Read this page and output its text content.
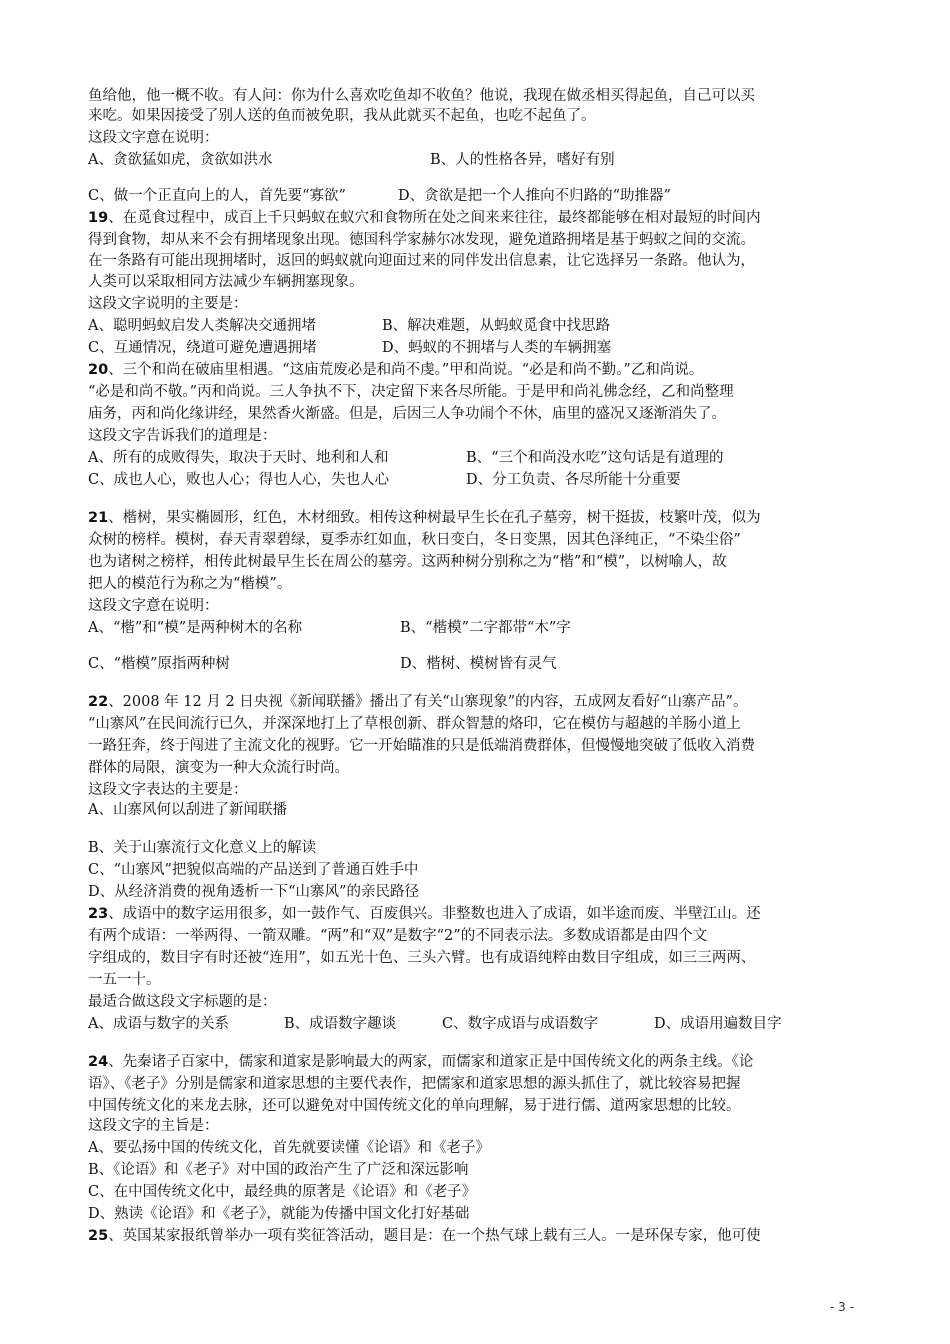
鱼给他，他一概不收。有人问：你为什么喜欢吃鱼却不收鱼？他说，我现在做丞相买得起鱼，自己可以买
来吃。如果因接受了别人送的鱼而被免职，我从此就买不起鱼，也吃不起鱼了。
这段文字意在说明：
A、贪欲猛如虎，贪欲如洪水	B、人的性格各异，嗜好有别
C、做一个正直向上的人，首先要“寡欲”	D、贪欲是把一个人推向不归路的“助推器”
19、在觅食过程中，成百上千只蚂蚁在蚁穴和食物所在处之间来来往往，最终都能够在相对最短的时间内
得到食物，却从来不会有拥堵现象出现。德国科学家赫尔冰发现，避免道路拥堵是基于蚂蚁之间的交流。
在一条路有可能出现拥堵时，返回的蚂蚁就向迎面过来的同伴发出信息素，让它选择另一条路。他认为，
人类可以采取相同方法减少车辆拥塞现象。
这段文字说明的主要是：
A、聪明蚂蚁启发人类解决交通拥堵	B、解决难题，从蚂蚁觅食中找思路
C、互通情况，绕道可避免遭遇拥堵	D、蚂蚁的不拥堵与人类的车辆拥塞
20、三个和尚在破庙里相遇。“这庙荒废必是和尚不虔。”甲和尚说。“必是和尚不勤。”乙和尚说。
“必是和尚不敬。”丙和尚说。三人争执不下，决定留下来各尽所能。于是甲和尚礼佛念经，乙和尚整理
庙务，丙和尚化缘讲经，果然香火渐盛。但是，后因三人争功闹个不休，庙里的盛况又逐渐消失了。
这段文字告诉我们的道理是：
A、所有的成败得失，取决于天时、地利和人和	B、“三个和尚没水吃”这句话是有道理的
C、成也人心，败也人心；得也人心，失也人心	D、分工负责、各尽所能十分重要
21、楷树，果实椭圆形，红色，木材细致。相传这种树最早生长在孔子墓旁，树干挺拔，枝繁叶茂，似为
众树的榜样。模树，春天青翠碧绿，夏季赤红如血，秋日变白，冬日变黑，因其色泽纯正，“不染尘俗”
也为诸树之榜样，相传此树最早生长在周公的墓旁。这两种树分别称之为“楷”和“模”，以树喻人，故
把人的模范行为称之为“楷模”。
这段文字意在说明：
A、“楷”和“模”是两种树木的名称	B、“楷模”二字都带“木”字
C、“楷模”原指两种树	D、楷树、模树皆有灵气
22、2008 年 12 月 2 日央视《新闻联播》播出了有关“山寨现象”的内容，五成网友看好“山寨产品”。
“山寨风”在民间流行已久，并深深地打上了草根创新、群众智慧的烙印，它在模仿与超越的羊肠小道上
一路狂奔，终于闯进了主流文化的视野。它一开始瞄准的只是低端消费群体，但慢慢地突破了低收入消费
群体的局限，演变为一种大众流行时尚。
这段文字表达的主要是：
A、山寨风何以刮进了新闻联播
B、关于山寨流行文化意义上的解读
C、“山寨风”把貌似高端的产品送到了普通百姓手中
D、从经济消费的视角透析一下“山寨风”的亲民路径
23、成语中的数字运用很多，如一鼓作气、百废俱兴。非整数也进入了成语，如半途而废、半壁江山。还
有两个成语：一举两得、一箭双雕。“两”和“双”是数字“2”的不同表示法。多数成语都是由四个文
字组成的，数目字有时还被“连用”，如五光十色、三头六臂。也有成语纯粹由数目字组成，如三三两两、
一五一十。
最适合做这段文字标题的是：
A、成语与数字的关系	B、成语数字趣谈	C、数字成语与成语数字	D、成语用遍数目字
24、先秦诸子百家中，儒家和道家是影响最大的两家，而儒家和道家正是中国传统文化的两条主线。《论
语》、《老子》分别是儒家和道家思想的主要代表作，把儒家和道家思想的源头抓住了，就比较容易把握
中国传统文化的来龙去脉，还可以避免对中国传统文化的单向理解，易于进行儒、道两家思想的比较。
这段文字的主旨是：
A、要弘扬中国的传统文化，首先就要读懂《论语》和《老子》
B、《论语》和《老子》对中国的政治产生了广泛和深远影响
C、在中国传统文化中，最经典的原著是《论语》和《老子》
D、熟读《论语》和《老子》，就能为传播中国文化打好基础
25、英国某家报纸曾举办一项有奖征答活动，题目是：在一个热气球上载有三人。一是环保专家，他可使
- 3 -
